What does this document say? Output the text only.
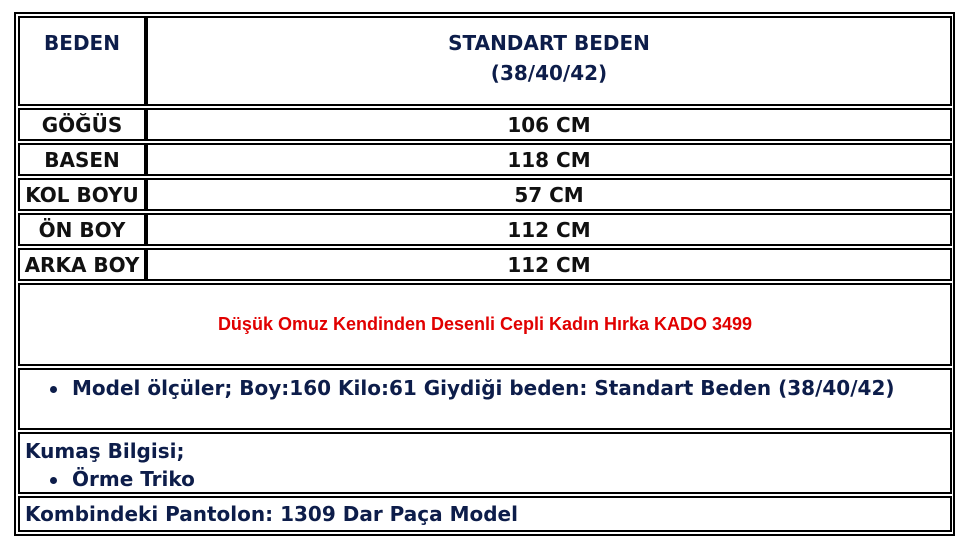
BEDEN	STANDART BEDEN
(38/40/42)
GÖĞÜS	106 CM
BASEN	118 CM
KOL BOYU	57 CM
ÖN BOY	112 CM
ARKA BOY	112 CM
Düşük Omuz Kendinden Desenli Cepli Kadın Hırka KADO 3499
Model ölçüler; Boy:160 Kilo:61 Giydiği beden: Standart Beden (38/40/42)
Kumaş Bilgisi;
Örme Triko
Kombindeki Pantolon: 1309 Dar Paça Model
